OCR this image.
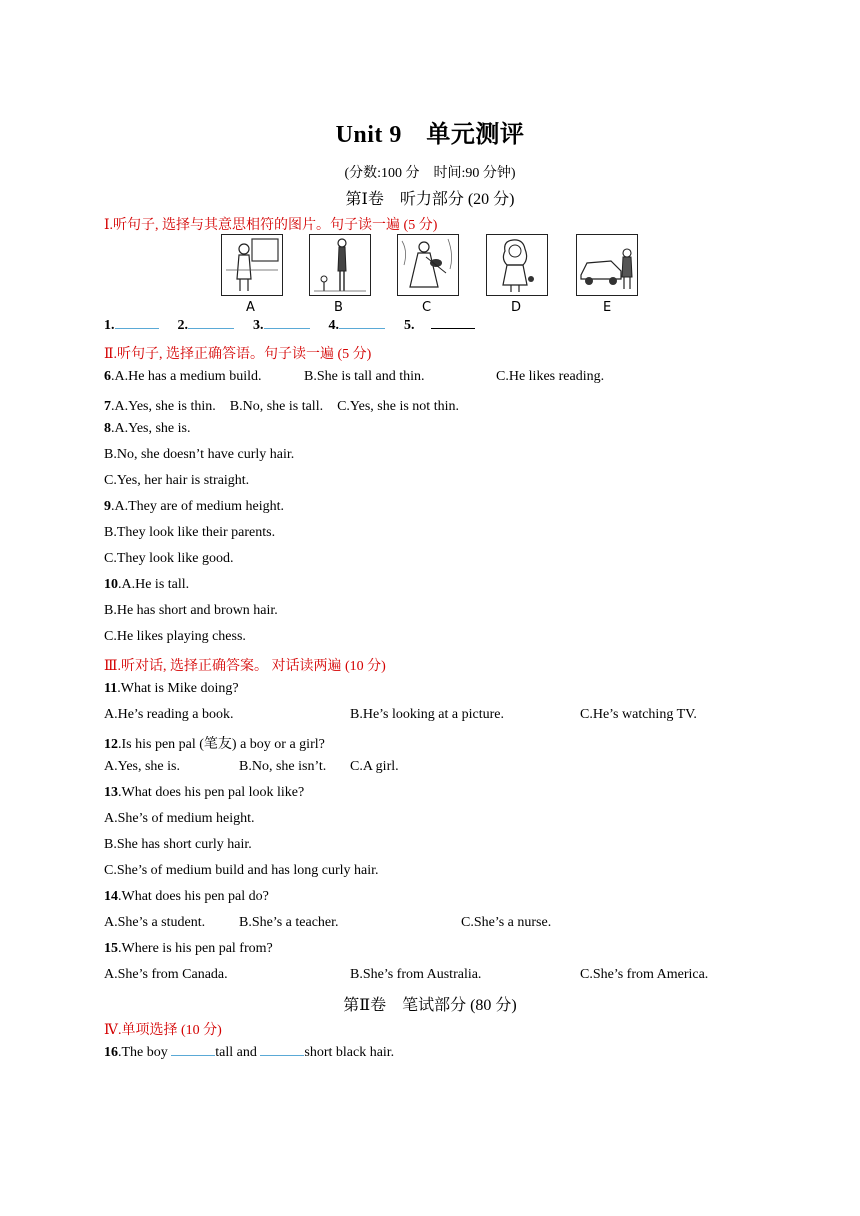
Unit 9　单元测评
(分数:100 分　时间:90 分钟)
第Ⅰ卷　听力部分 (20 分)
Ⅰ.听句子, 选择与其意思相符的图片。句子读一遍 (5 分)
A	B	C	D	E
1.	2.	3.	4.	5.
Ⅱ.听句子, 选择正确答语。句子读一遍 (5 分)
6.A.He has a medium build.	B.She is tall and thin.	C.He likes reading.
7.A.Yes, she is thin.　B.No, she is tall.　C.Yes, she is not thin.
8.A.Yes, she is.
B.No, she doesn’t have curly hair.
C.Yes, her hair is straight.
9.A.They are of medium height.
B.They look like their parents.
C.They look like good.
10.A.He is tall.
B.He has short and brown hair.
C.He likes playing chess.
Ⅲ.听对话, 选择正确答案。 对话读两遍 (10 分)
11.What is Mike doing?
A.He’s reading a book.	B.He’s looking at a picture.	C.He’s watching TV.
12.Is his pen pal (笔友) a boy or a girl?
A.Yes, she is.	B.No, she isn’t. C.A girl.
13.What does his pen pal look like?
A.She’s of medium height.
B.She has short curly hair.
C.She’s of medium build and has long curly hair.
14.What does his pen pal do?
A.She’s a student. B.She’s a teacher.	C.She’s a nurse.
15.Where is his pen pal from?
A.She’s from Canada.	B.She’s from Australia.	C.She’s from America.
第Ⅱ卷　笔试部分 (80 分)
Ⅳ.单项选择 (10 分)
16.The boy	tall and	short black hair.
